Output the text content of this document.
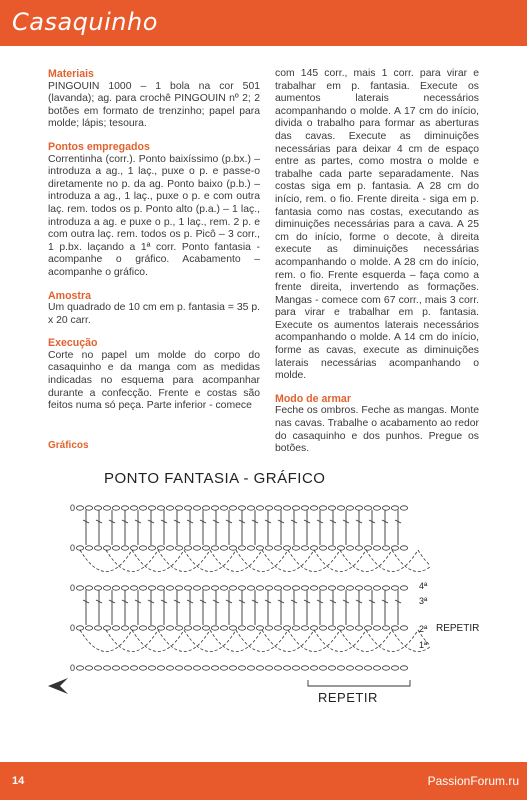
Casaquinho

Materiais

PINGOUIN 1000 – 1 bola na cor 501 (lavanda); ag. para crochê PINGOUIN nº 2; 2 botões em formato de trenzinho; papel para molde; lápis; tesoura.

Pontos empregados

Correntinha (corr.). Ponto baixíssimo (p.bx.) – introduza a ag., 1 laç., puxe o p. e passe-o diretamente no p. da ag. Ponto baixo (p.b.) – introduza a ag., 1 laç., puxe o p. e com outra laç. rem. todos os p. Ponto alto (p.a.) – 1 laç., introduza a ag. e puxe o p., 1 laç., rem. 2 p. e com outra laç. rem. todos os p. Picô – 3 corr., 1 p.bx. laçando a 1ª corr. Ponto fantasia - acompanhe o gráfico. Acabamento – acompanhe o gráfico.

Amostra

Um quadrado de 10 cm em p. fantasia = 35 p. x 20 carr.

Execução

Corte no papel um molde do corpo do casaquinho e da manga com as medidas indicadas no esquema para acompanhar durante a confecção. Frente e costas são feitos numa só peça. Parte inferior - comece

com 145 corr., mais 1 corr. para virar e trabalhar em p. fantasia. Execute os aumentos laterais necessários acompanhando o molde. A 17 cm do início, divida o trabalho para formar as aberturas das cavas. Execute as diminuições necessárias para deixar 4 cm de espaço entre as partes, como mostra o molde e trabalhe cada parte separadamente. Nas costas siga em p. fantasia. A 28 cm do início, rem. o fio. Frente direita - siga em p. fantasia como nas costas, executando as diminuições necessárias para a cava. A 25 cm do início, forme o decote, à direita execute as diminuições necessárias acompanhando o molde. A 28 cm do início, rem. o fio. Frente esquerda – faça como a frente direita, invertendo as formações. Mangas - comece com 67 corr., mais 3 corr. para virar e trabalhar em p. fantasia. Execute os aumentos laterais necessários acompanhando o molde. A 14 cm do início, forme as cavas, execute as diminuições laterais necessárias acompanhando o molde.

Modo de armar

Feche os ombros. Feche as mangas. Monte nas cavas. Trabalhe o acabamento ao redor do casaquinho e dos punhos. Pregue os botões.

Gráficos
PONTO FANTASIA - GRÁFICO
0
0
0
0
0
4ª
3ª
2ª
1ª
REPETIR
REPETIR
14	PassionForum.ru
